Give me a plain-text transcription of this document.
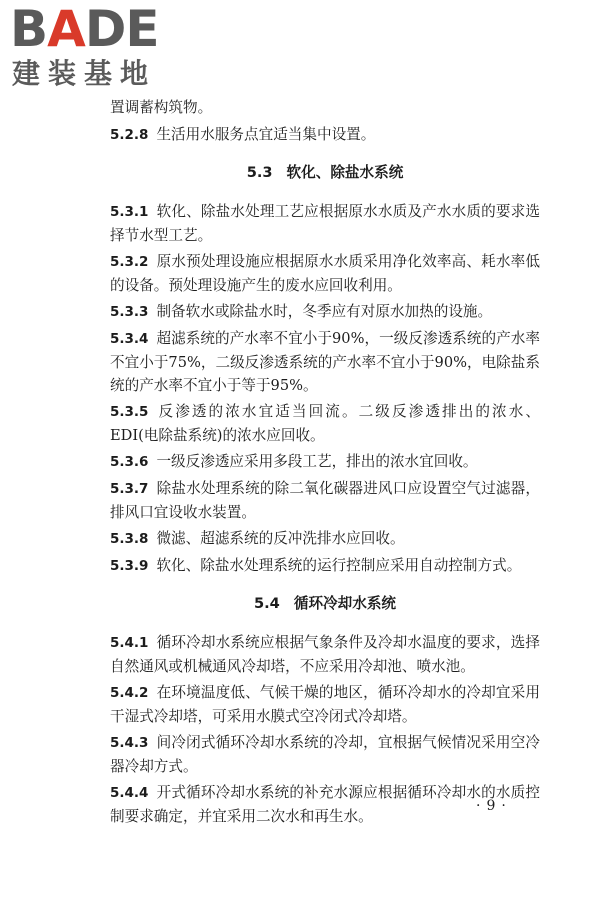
BADE
建装基地

置调蓄构筑物。

5.2.8 生活用水服务点宜适当集中设置。

5.3 软化、除盐水系统

5.3.1 软化、除盐水处理工艺应根据原水水质及产水水质的要求选择节水型工艺。

5.3.2 原水预处理设施应根据原水水质采用净化效率高、耗水率低的设备。预处理设施产生的废水应回收利用。

5.3.3 制备软水或除盐水时，冬季应有对原水加热的设施。

5.3.4 超滤系统的产水率不宜小于90%，一级反渗透系统的产水率不宜小于75%，二级反渗透系统的产水率不宜小于90%，电除盐系统的产水率不宜小于等于95%。

5.3.5 反渗透的浓水宜适当回流。二级反渗透排出的浓水、EDI(电除盐系统)的浓水应回收。

5.3.6 一级反渗透应采用多段工艺，排出的浓水宜回收。

5.3.7 除盐水处理系统的除二氧化碳器进风口应设置空气过滤器，排风口宜设收水装置。

5.3.8 微滤、超滤系统的反冲洗排水应回收。

5.3.9 软化、除盐水处理系统的运行控制应采用自动控制方式。

5.4 循环冷却水系统

5.4.1 循环冷却水系统应根据气象条件及冷却水温度的要求，选择自然通风或机械通风冷却塔，不应采用冷却池、喷水池。

5.4.2 在环境温度低、气候干燥的地区，循环冷却水的冷却宜采用干湿式冷却塔，可采用水膜式空冷闭式冷却塔。

5.4.3 间冷闭式循环冷却水系统的冷却，宜根据气候情况采用空冷器冷却方式。

5.4.4 开式循环冷却水系统的补充水源应根据循环冷却水的水质控制要求确定，并宜采用二次水和再生水。

·9·
